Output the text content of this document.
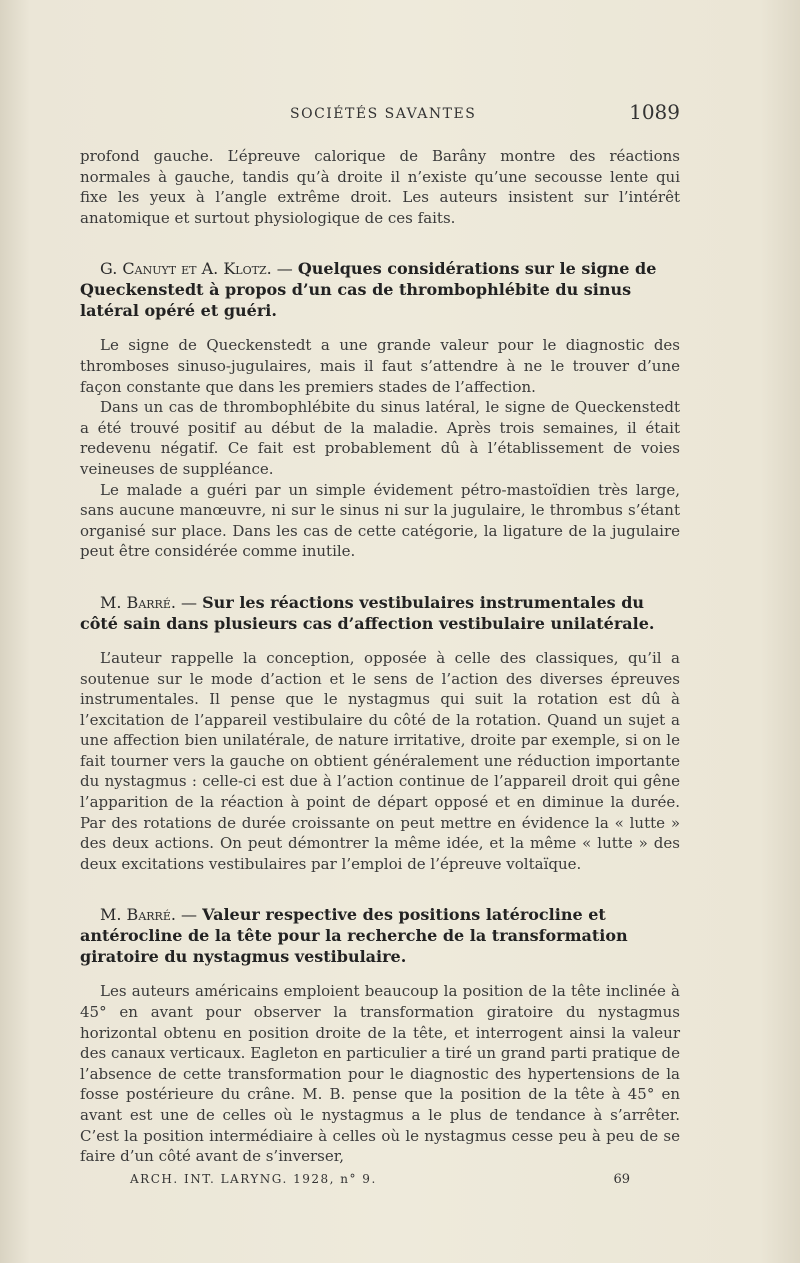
SOCIÉTÉS SAVANTES	1089

profond gauche. L’épreuve calorique de Barâny montre des réactions normales à gauche, tandis qu’à droite il n’existe qu’une secousse lente qui fixe les yeux à l’angle extrême droit. Les auteurs insistent sur l’intérêt anatomique et surtout physiologique de ces faits.

G. Canuyt et A. Klotz. — Quelques considérations sur le signe de Queckenstedt à propos d’un cas de thrombophlébite du sinus latéral opéré et guéri.

Le signe de Queckenstedt a une grande valeur pour le diagnostic des thromboses sinuso-jugulaires, mais il faut s’attendre à ne le trouver d’une façon constante que dans les premiers stades de l’affection.

Dans un cas de thrombophlébite du sinus latéral, le signe de Queckenstedt a été trouvé positif au début de la maladie. Après trois semaines, il était redevenu négatif. Ce fait est probablement dû à l’établissement de voies veineuses de suppléance.

Le malade a guéri par un simple évidement pétro-mastoïdien très large, sans aucune manœuvre, ni sur le sinus ni sur la jugulaire, le thrombus s’étant organisé sur place. Dans les cas de cette catégorie, la ligature de la jugulaire peut être considérée comme inutile.

M. Barré. — Sur les réactions vestibulaires instrumentales du côté sain dans plusieurs cas d’affection vestibulaire unilatérale.

L’auteur rappelle la conception, opposée à celle des classiques, qu’il a soutenue sur le mode d’action et le sens de l’action des diverses épreuves instrumentales. Il pense que le nystagmus qui suit la rotation est dû à l’excitation de l’appareil vestibulaire du côté de la rotation. Quand un sujet a une affection bien unilatérale, de nature irritative, droite par exemple, si on le fait tourner vers la gauche on obtient généralement une réduction importante du nystagmus : celle-ci est due à l’action continue de l’appareil droit qui gêne l’apparition de la réaction à point de départ opposé et en diminue la durée. Par des rotations de durée croissante on peut mettre en évidence la « lutte » des deux actions. On peut démontrer la même idée, et la même « lutte » des deux excitations vestibulaires par l’emploi de l’épreuve voltaïque.

M. Barré. — Valeur respective des positions latérocline et antérocline de la tête pour la recherche de la transformation giratoire du nystagmus vestibulaire.

Les auteurs américains emploient beaucoup la position de la tête inclinée à 45° en avant pour observer la transformation giratoire du nystagmus horizontal obtenu en position droite de la tête, et interrogent ainsi la valeur des canaux verticaux. Eagleton en particulier a tiré un grand parti pratique de l’absence de cette transformation pour le diagnostic des hypertensions de la fosse postérieure du crâne. M. B. pense que la position de la tête à 45° en avant est une de celles où le nystagmus a le plus de tendance à s’arrêter. C’est la position intermédiaire à celles où le nystagmus cesse peu à peu de se faire d’un côté avant de s’inverser,

ARCH. INT. LARYNG. 1928, n° 9.	69
